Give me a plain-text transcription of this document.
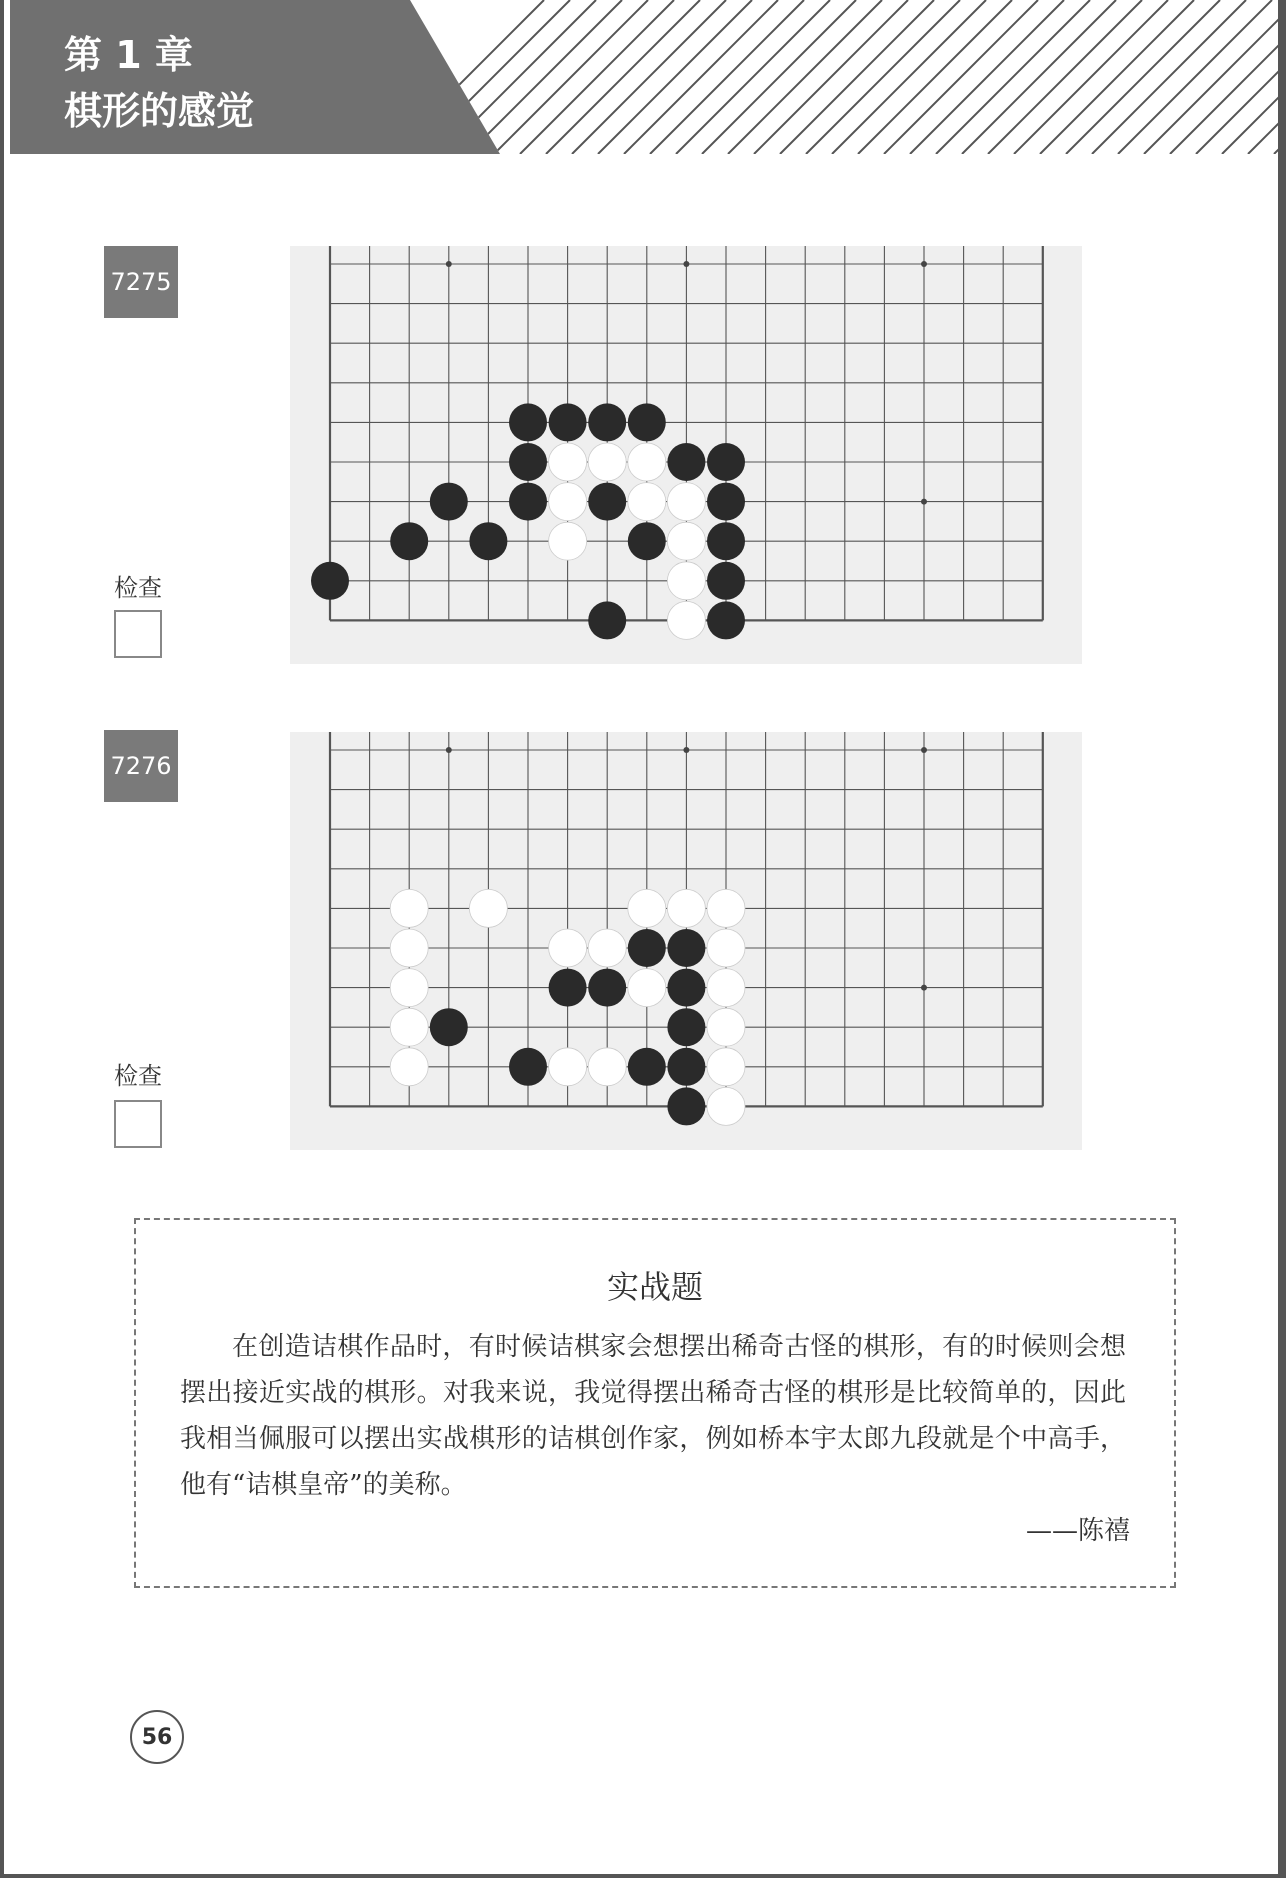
第 1 章
棋形的感觉
7275
检查
7276
检查
实战题
在创造诘棋作品时，有时候诘棋家会想摆出稀奇古怪的棋形，有的时候则会想摆出接近实战的棋形。对我来说，我觉得摆出稀奇古怪的棋形是比较简单的，因此我相当佩服可以摆出实战棋形的诘棋创作家，例如桥本宇太郎九段就是个中高手，他有“诘棋皇帝”的美称。
——陈禧
56
